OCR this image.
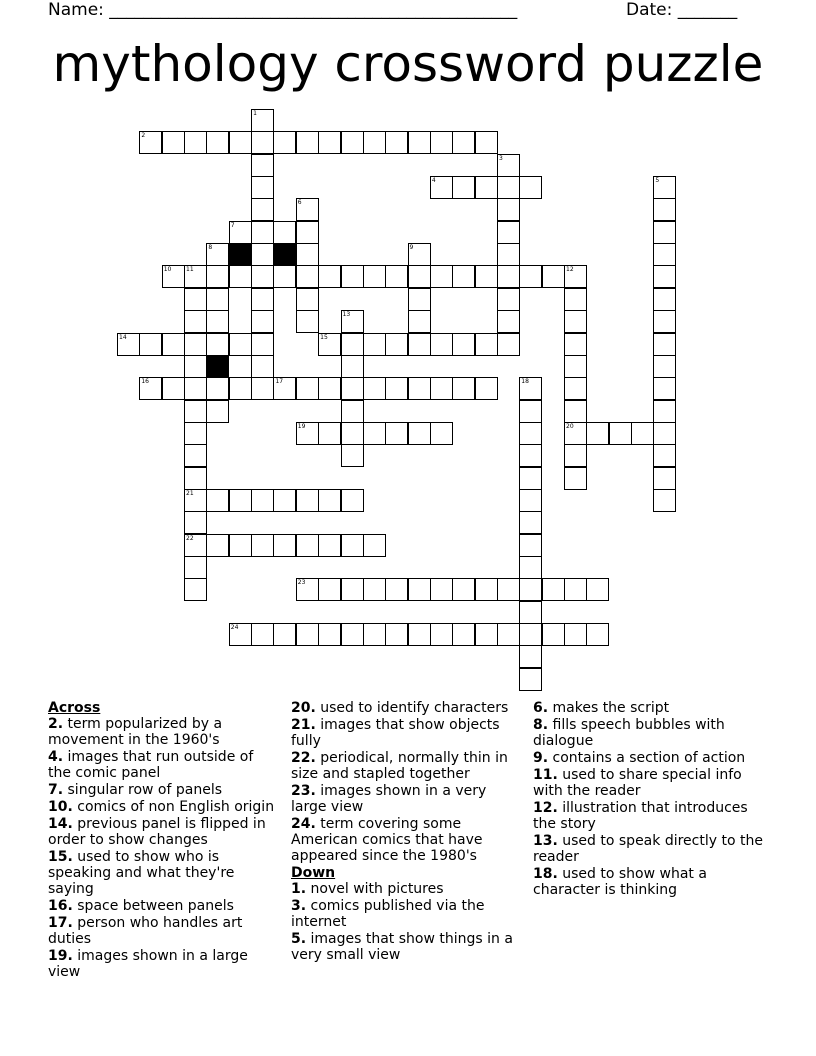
Name: ________________________________________________	Date: _______
mythology crossword puzzle
1
2
3
4	5
6
7
8	9
10 11	12
21
22
20
13
14	15
16	17	18
19
23
24
Across
2. term popularized by a movement in the 1960's
4. images that run outside of the comic panel
7. singular row of panels
10. comics of non English origin
14. previous panel is flipped in order to show changes
15. used to show who is speaking and what they're saying
16. space between panels
17. person who handles art duties
19. images shown in a large view
20. used to identify characters
21. images that show objects fully
22. periodical, normally thin in size and stapled together
23. images shown in a very large view
24. term covering some American comics that have appeared since the 1980's
Down
1. novel with pictures
3. comics published via the internet
5. images that show things in a very small view
6. makes the script
8. fills speech bubbles with dialogue
9. contains a section of action
11. used to share special info with the reader
12. illustration that introduces the story
13. used to speak directly to the reader
18. used to show what a character is thinking
